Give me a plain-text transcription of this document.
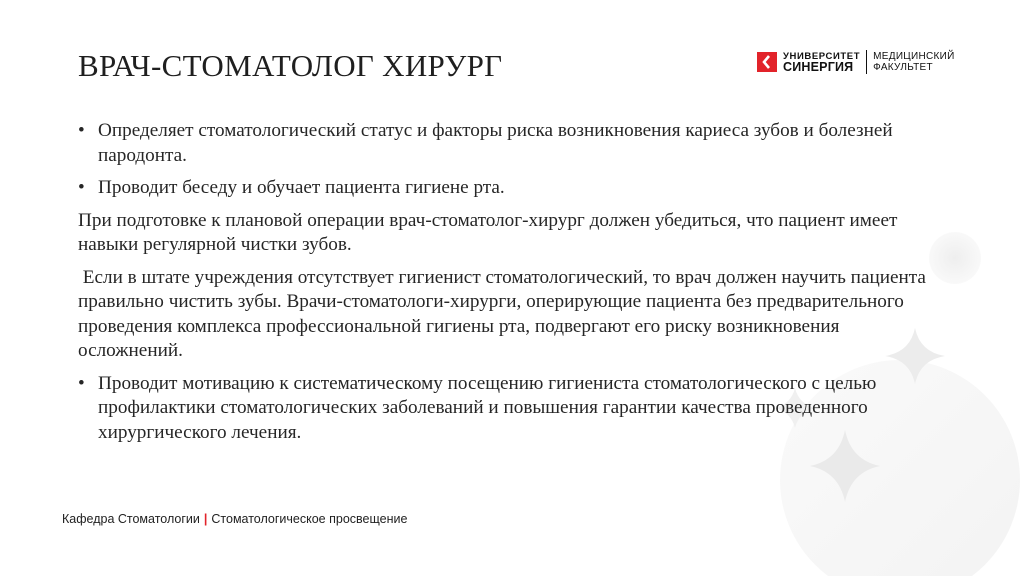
ВРАЧ-СТОМАТОЛОГ ХИРУРГ	УНИВЕРСИТЕТ
СИНЕРГИЯ
МЕДИЦИНСКИЙ
ФАКУЛЬТЕТ
• Определяет стоматологический статус и факторы риска возникновения кариеса зубов и болезней пародонта.
• Проводит беседу и обучает пациента гигиене рта.
При подготовке к плановой операции врач-стоматолог-хирург должен убедиться, что пациент имеет навыки регулярной чистки зубов.
Если в штате учреждения отсутствует гигиенист стоматологический, то врач должен научить пациента правильно чистить зубы. Врачи-стоматологи-хирурги, оперирующие пациента без предварительного проведения комплекса профессиональной гигиены рта, подвергают его риску возникновения осложнений.
• Проводит мотивацию к систематическому посещению гигиениста стоматологического с целью профилактики стоматологических заболеваний и повышения гарантии качества проведенного хирургического лечения.
Кафедра Стоматологии | Стоматологическое просвещение
